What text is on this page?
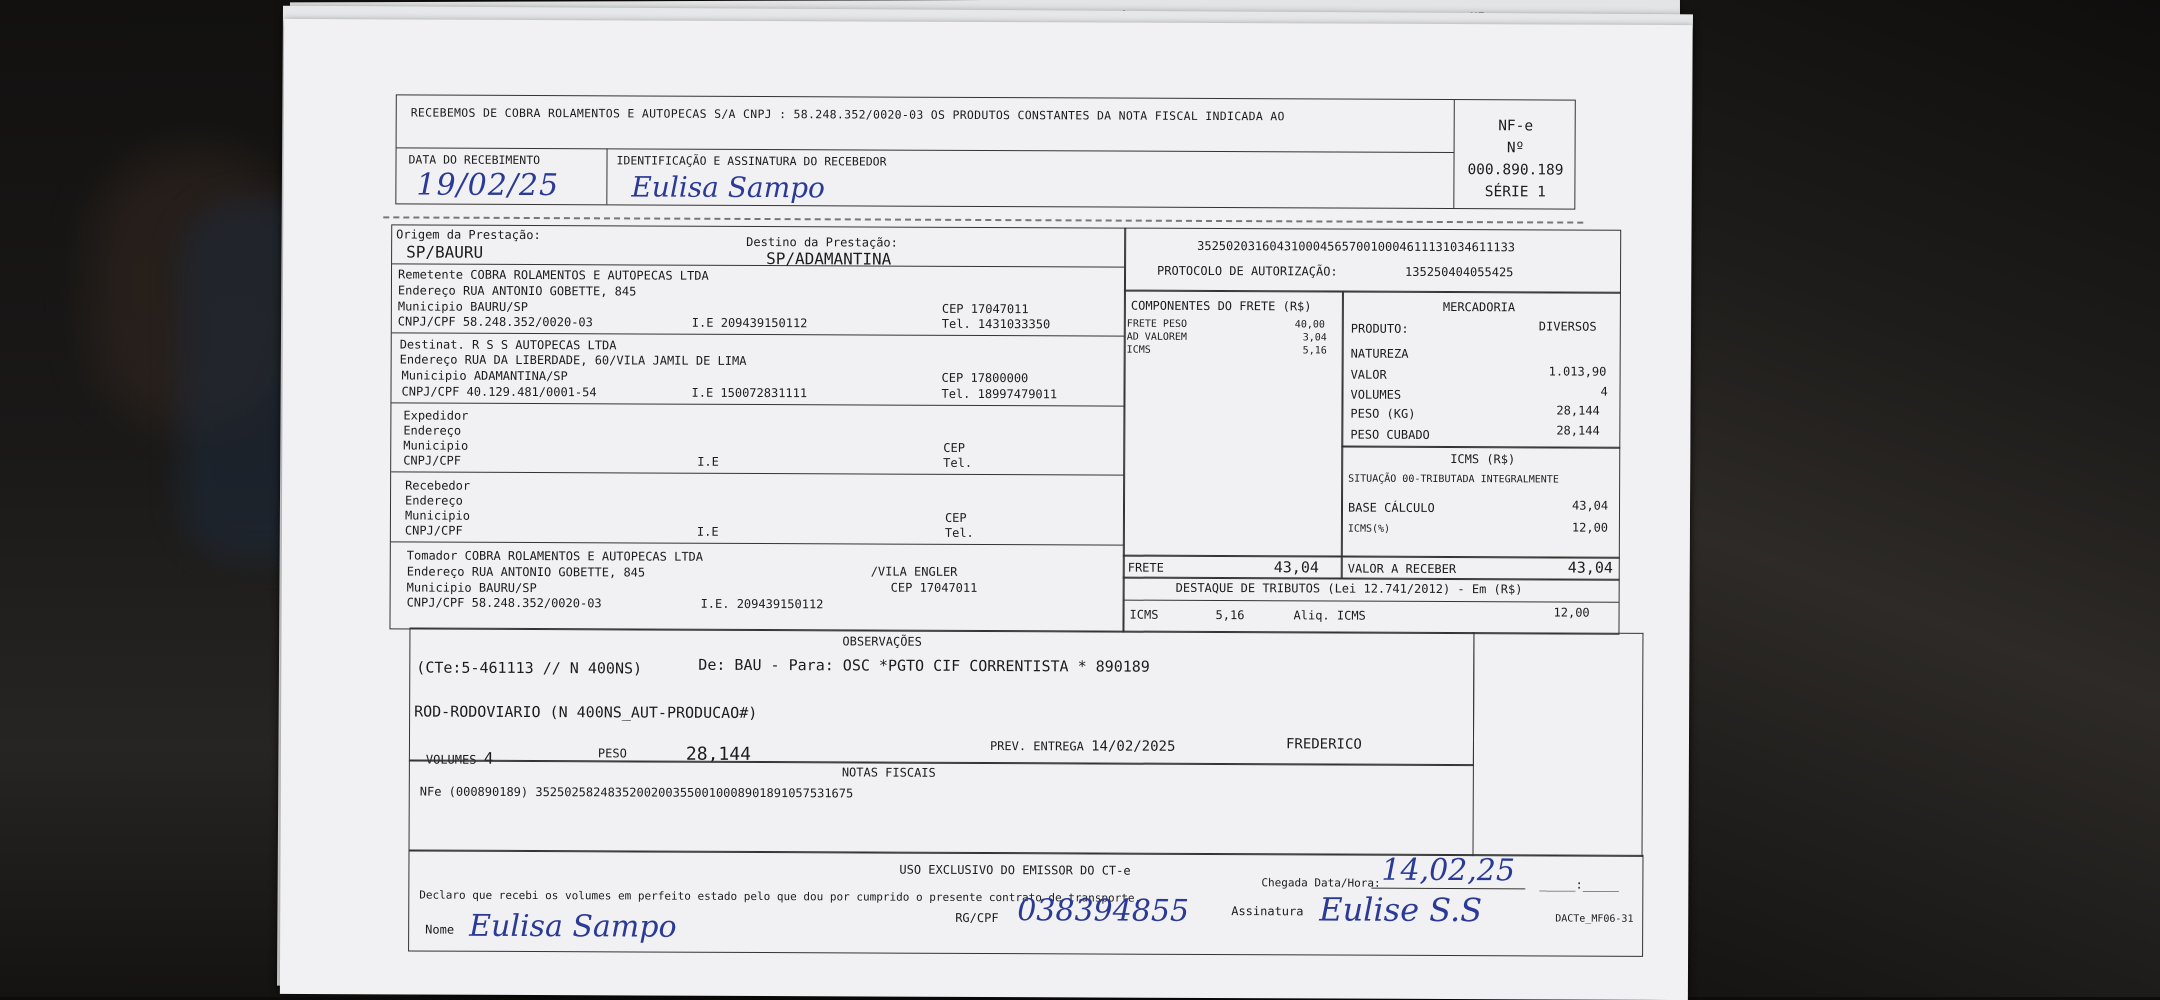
RECEBEMOS DE COBRA ROLAMENTOS E AUTOPECAS S/A CNPJ : 58.248.352/0020-03 OS PRODUTOS CONSTANTES DA NOTA FISCAL INDICADA AO
DATA DO RECEBIMENTO	IDENTIFICAÇÃO E ASSINATURA DO RECEBEDOR
19/02/25	Eulisa Sampo
NF-e
Nº 000.890.189
SÉRIE 1
Origem da Prestação:
SP/BAURU
Destino da Prestação:
SP/ADAMANTINA
Remetente COBRA ROLAMENTOS E AUTOPECAS LTDA
Endereço RUA ANTONIO GOBETTE, 845
Municipio BAURU/SP
CNPJ/CPF 58.248.352/0020-03	I.E 209439150112
CEP 17047011
Tel. 1431033350
Destinat. R S S AUTOPECAS LTDA
Endereço RUA DA LIBERDADE, 60/VILA JAMIL DE LIMA
Municipio ADAMANTINA/SP
CNPJ/CPF 40.129.481/0001-54	I.E 150072831111
CEP 17800000
Tel. 18997479011
Expedidor
Endereço
Municipio
CNPJ/CPF	I.E
CEP
Tel.
Recebedor
Endereço
Municipio
CNPJ/CPF	I.E
CEP
Tel.
Tomador COBRA ROLAMENTOS E AUTOPECAS LTDA
Endereço RUA ANTONIO GOBETTE, 845	/VILA ENGLER
Municipio BAURU/SP
CNPJ/CPF 58.248.352/0020-03	I.E. 209439150112
CEP 17047011
35250203160431000456570010004611131034611133
PROTOCOLO DE AUTORIZAÇÃO:	135250404055425
COMPONENTES DO FRETE (R$)
FRETE PESO	40,00
AD VALOREM	3,04
ICMS	5,16
FRETE	43,04
MERCADORIA
PRODUTO:	DIVERSOS
NATUREZA
VALOR	1.013,90
VOLUMES	4
PESO (KG)	28,144
PESO CUBADO	28,144
ICMS (R$)
SITUAÇÃO 00-TRIBUTADA INTEGRALMENTE
BASE CÁLCULO	43,04
ICMS(%)	12,00
VALOR A RECEBER	43,04
DESTAQUE DE TRIBUTOS (Lei 12.741/2012) - Em (R$)
ICMS	5,16	Aliq. ICMS	12,00
OBSERVAÇÕES
(CTe:5-461113 // N 400NS)	De: BAU - Para: OSC *PGTO CIF CORRENTISTA * 890189
ROD-RODOVIARIO (N 400NS_AUT-PRODUCAO#)
VOLUMES 4	PESO	28,144	PREV. ENTREGA 14/02/2025	FREDERICO
NOTAS FISCAIS
NFe (000890189) 35250258248352002003550010008901891057531675
USO EXCLUSIVO DO EMISSOR DO CT-e
Declaro que recebi os volumes em perfeito estado pelo que dou por cumprido o presente contrato de transporte.
Chegada Data/Hora: 14,02,25	_____:_____
Nome Eulisa Sampo	RG/CPF 038394855	Assinatura Eulise S.S	DACTe_MF06-31
